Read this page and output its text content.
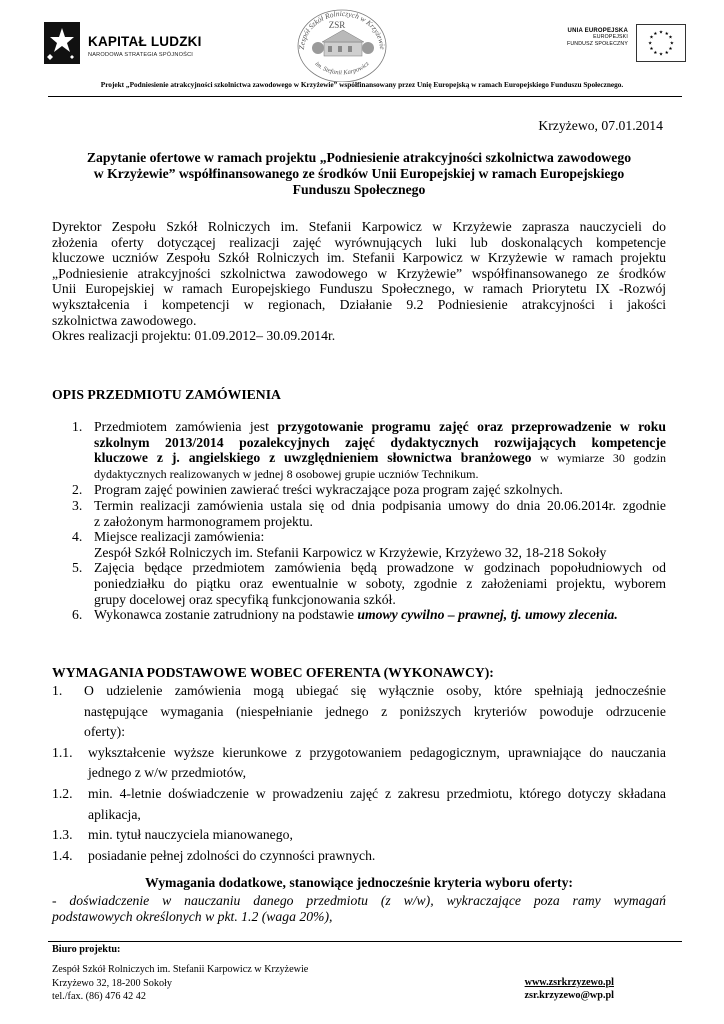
KAPITAŁ LUDZKI
NARODOWA STRATEGIA SPÓJNOŚCI
Zespół Szkół Rolniczych w Krzyżewie
ZSR
im. Stefanii Karpowicz
UNIA EUROPEJSKA
EUROPEJSKI
FUNDUSZ SPOŁECZNY
★ ★
★
★
★
★
★
★
★
★
★
★
Projekt „Podniesienie atrakcyjności szkolnictwa zawodowego w Krzyżewie” współfinansowany przez Unię Europejską w ramach Europejskiego Funduszu Społecznego.
Krzyżewo, 07.01.2014
Zapytanie ofertowe w ramach projektu „Podniesienie atrakcyjności szkolnictwa zawodowego
w Krzyżewie” współfinansowanego ze środków Unii Europejskiej w ramach Europejskiego
Funduszu Społecznego
Dyrektor Zespołu Szkół Rolniczych im. Stefanii Karpowicz w Krzyżewie zaprasza nauczycieli do
złożenia oferty dotyczącej realizacji zajęć wyrównujących luki lub doskonalących kompetencje
kluczowe uczniów Zespołu Szkół Rolniczych im. Stefanii Karpowicz w Krzyżewie w ramach projektu
„Podniesienie atrakcyjności szkolnictwa zawodowego w Krzyżewie” współfinansowanego ze środków
Unii Europejskiej w ramach Europejskiego Funduszu Społecznego, w ramach Priorytetu IX -Rozwój
wykształcenia i kompetencji w regionach, Działanie 9.2 Podniesienie atrakcyjności i jakości
szkolnictwa zawodowego.
Okres realizacji projektu: 01.09.2012– 30.09.2014r.
OPIS PRZEDMIOTU ZAMÓWIENIA
1. Przedmiotem zamówienia jest przygotowanie programu zajęć oraz przeprowadzenie w roku
szkolnym 2013/2014 pozalekcyjnych zajęć dydaktycznych rozwijających kompetencje
kluczowe z j. angielskiego z uwzględnieniem słownictwa branżowego w wymiarze 30 godzin
dydaktycznych realizowanych w jednej 8 osobowej grupie uczniów Technikum.
2. Program zajęć powinien zawierać treści wykraczające poza program zajęć szkolnych.
3. Termin realizacji zamówienia ustala się od dnia podpisania umowy do dnia 20.06.2014r. zgodnie
z założonym harmonogramem projektu.
4. Miejsce realizacji zamówienia:
Zespół Szkół Rolniczych im. Stefanii Karpowicz w Krzyżewie, Krzyżewo 32, 18-218 Sokoły
5. Zajęcia będące przedmiotem zamówienia będą prowadzone w godzinach popołudniowych od
poniedziałku do piątku oraz ewentualnie w soboty, zgodnie z założeniami projektu, wyborem
grupy docelowej oraz specyfiką funkcjonowania szkół.
6. Wykonawca zostanie zatrudniony na podstawie umowy cywilno – prawnej, tj. umowy zlecenia.
WYMAGANIA PODSTAWOWE WOBEC OFERENTA (WYKONAWCY):
1. O udzielenie zamówienia mogą ubiegać się wyłącznie osoby, które spełniają jednocześnie
następujące wymagania (niespełnianie jednego z poniższych kryteriów powoduje odrzucenie
oferty):
1.1. wykształcenie wyższe kierunkowe z przygotowaniem pedagogicznym, uprawniające do nauczania
jednego z w/w przedmiotów,
1.2. min. 4-letnie doświadczenie w prowadzeniu zajęć z zakresu przedmiotu, którego dotyczy składana
aplikacja,
1.3. min. tytuł nauczyciela mianowanego,
1.4. posiadanie pełnej zdolności do czynności prawnych.
Wymagania dodatkowe, stanowiące jednocześnie kryteria wyboru oferty:
- doświadczenie w nauczaniu danego przedmiotu (z w/w), wykraczające poza ramy wymagań
podstawowych określonych w pkt. 1.2 (waga 20%),
Biuro projektu:
Zespół Szkół Rolniczych im. Stefanii Karpowicz w Krzyżewie
Krzyżewo 32, 18-200 Sokoły
tel./fax. (86) 476 42 42
www.zsrkrzyzewo.pl
zsr.krzyzewo@wp.pl
